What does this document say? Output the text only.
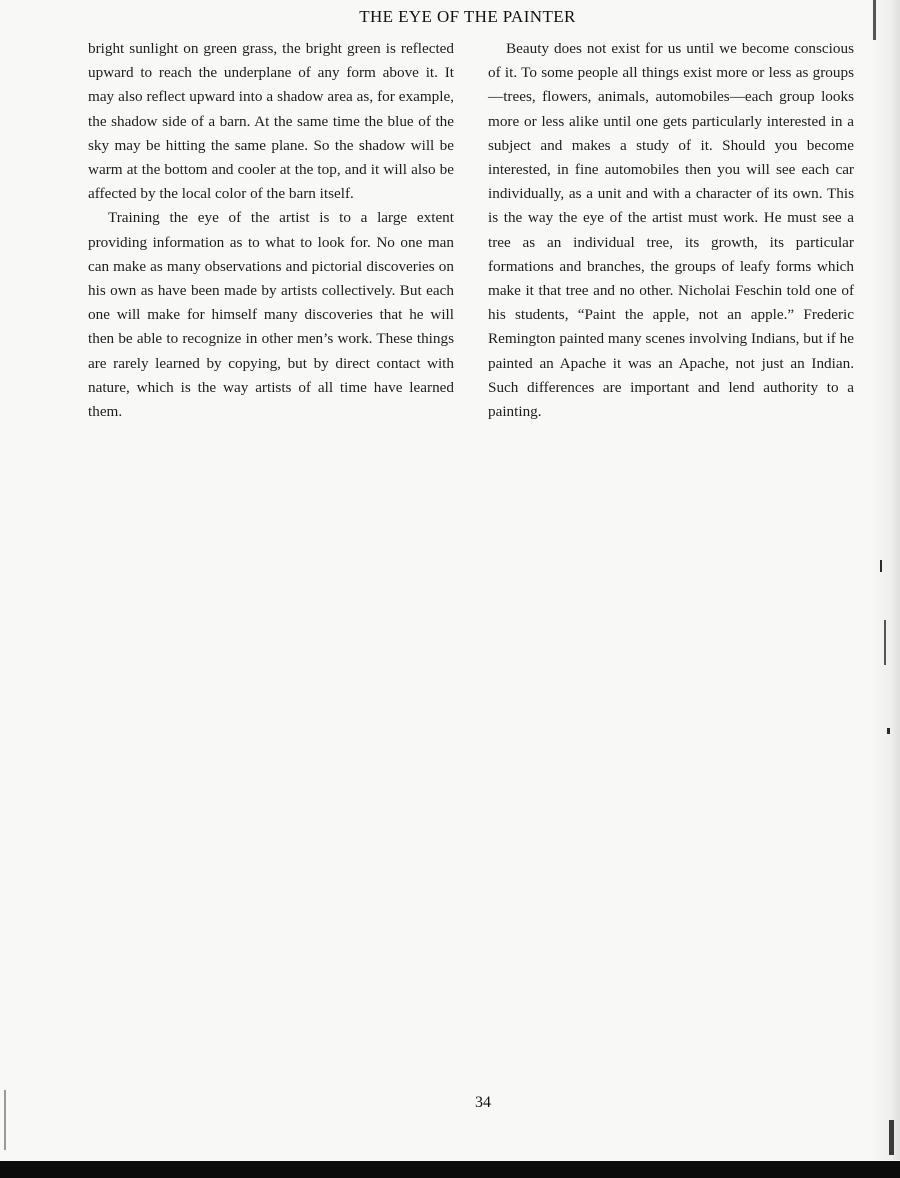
THE EYE OF THE PAINTER

bright sunlight on green grass, the bright green is reflected upward to reach the underplane of any form above it. It may also reflect upward into a shadow area as, for example, the shadow side of a barn. At the same time the blue of the sky may be hitting the same plane. So the shadow will be warm at the bottom and cooler at the top, and it will also be affected by the local color of the barn itself.

Training the eye of the artist is to a large extent providing information as to what to look for. No one man can make as many observations and pictorial discoveries on his own as have been made by artists collectively. But each one will make for himself many discoveries that he will then be able to recognize in other men’s work. These things are rarely learned by copying, but by direct contact with nature, which is the way artists of all time have learned them.

Beauty does not exist for us until we become conscious of it. To some people all things exist more or less as groups—trees, flowers, animals, automobiles—each group looks more or less alike until one gets particularly interested in a subject and makes a study of it. Should you become interested, in fine automobiles then you will see each car individually, as a unit and with a character of its own. This is the way the eye of the artist must work. He must see a tree as an individual tree, its growth, its particular formations and branches, the groups of leafy forms which make it that tree and no other. Nicholai Feschin told one of his students, “Paint the apple, not an apple.” Frederic Remington painted many scenes involving Indians, but if he painted an Apache it was an Apache, not just an Indian. Such differences are important and lend authority to a painting.

34
